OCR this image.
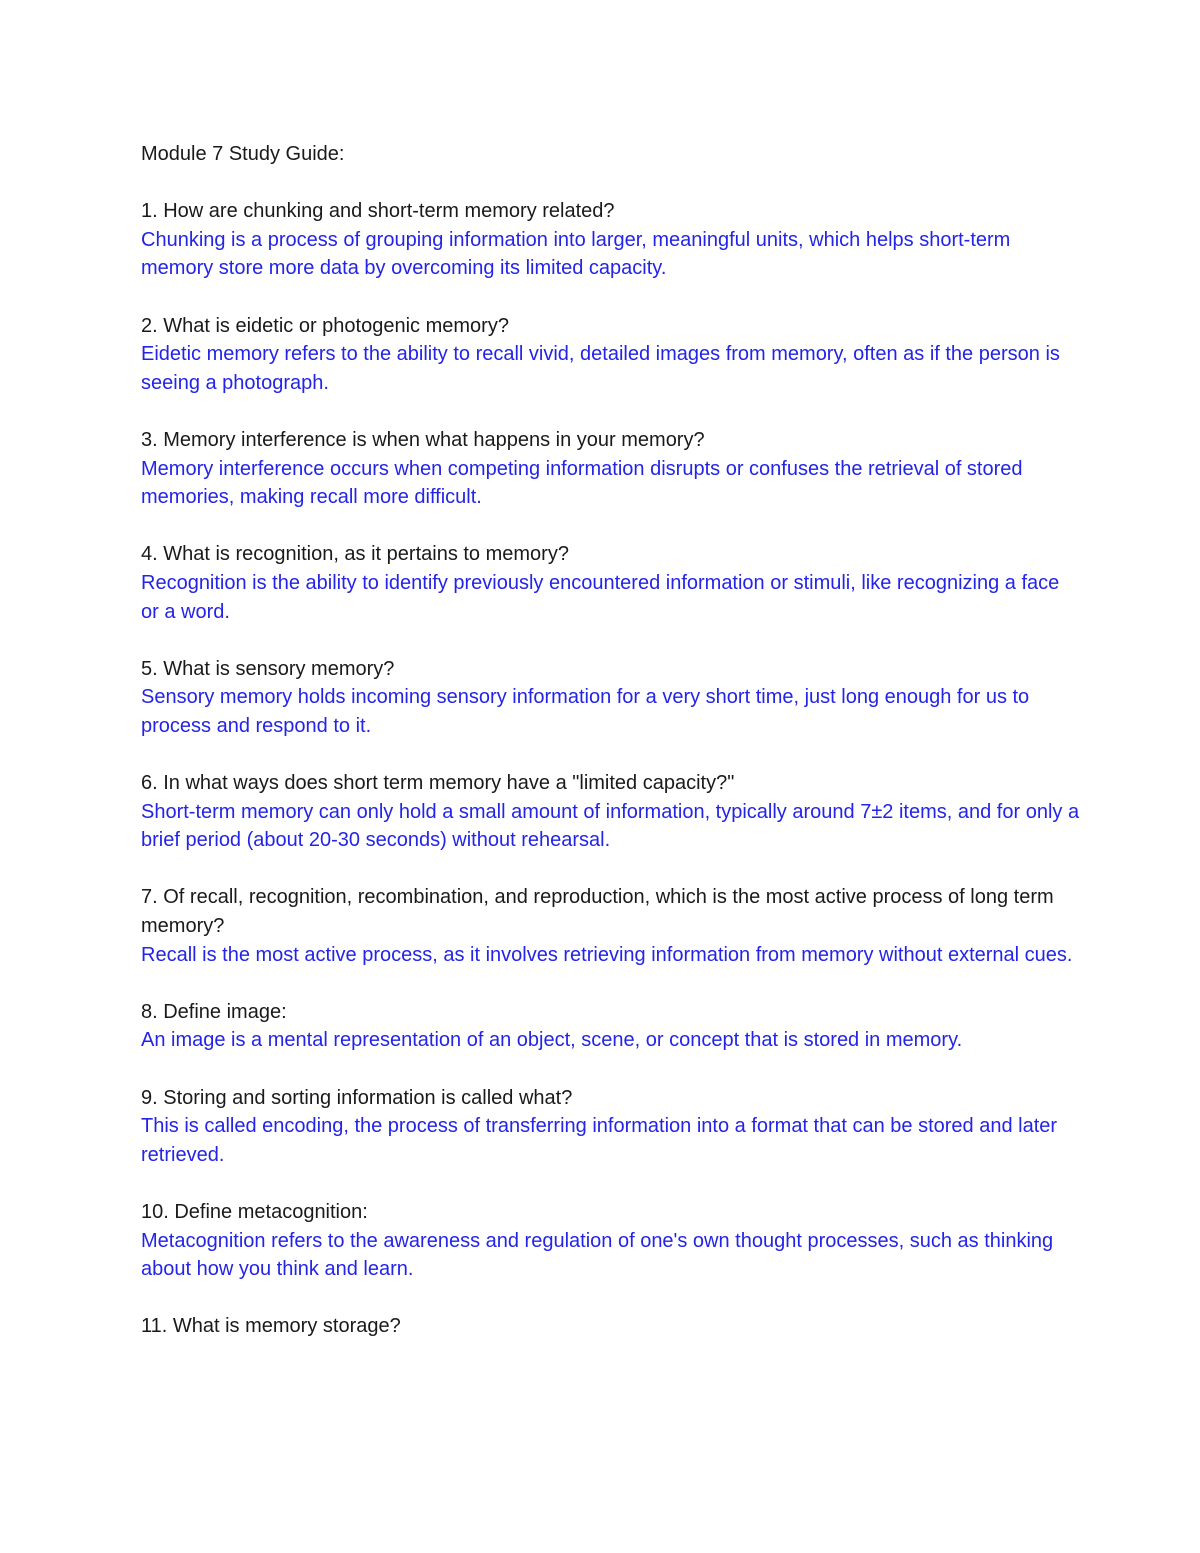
Module 7 Study Guide:

1. How are chunking and short-term memory related?

Chunking is a process of grouping information into larger, meaningful units, which helps short-term memory store more data by overcoming its limited capacity.

2. What is eidetic or photogenic memory?

Eidetic memory refers to the ability to recall vivid, detailed images from memory, often as if the person is seeing a photograph.

3. Memory interference is when what happens in your memory?

Memory interference occurs when competing information disrupts or confuses the retrieval of stored memories, making recall more difficult.

4. What is recognition, as it pertains to memory?

Recognition is the ability to identify previously encountered information or stimuli, like recognizing a face or a word.

5. What is sensory memory?

Sensory memory holds incoming sensory information for a very short time, just long enough for us to process and respond to it.

6. In what ways does short term memory have a "limited capacity?"

Short-term memory can only hold a small amount of information, typically around 7±2 items, and for only a brief period (about 20-30 seconds) without rehearsal.

7. Of recall, recognition, recombination, and reproduction, which is the most active process of long term memory?

Recall is the most active process, as it involves retrieving information from memory without external cues.

8. Define image:

An image is a mental representation of an object, scene, or concept that is stored in memory.

9. Storing and sorting information is called what?

This is called encoding, the process of transferring information into a format that can be stored and later retrieved.

10. Define metacognition:

Metacognition refers to the awareness and regulation of one's own thought processes, such as thinking about how you think and learn.

11. What is memory storage?
